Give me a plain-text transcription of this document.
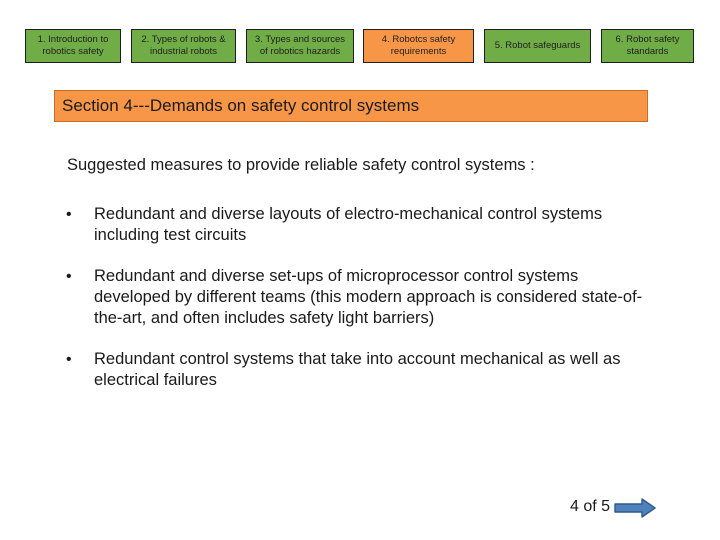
1. Introduction to robotics safety
2. Types of robots & industrial robots
3. Types and sources of robotics hazards
4. Robotcs safety requirements
5. Robot safeguards
6. Robot safety standards
Section 4---Demands on safety control systems
Suggested measures to provide reliable safety control systems :
• Redundant and diverse layouts of electro-mechanical control systems including test circuits
• Redundant and diverse set-ups of microprocessor control systems developed by different teams (this modern approach is considered state-of-the-art, and often includes safety light barriers)
• Redundant control systems that take into account mechanical as well as electrical failures
4 of 5
